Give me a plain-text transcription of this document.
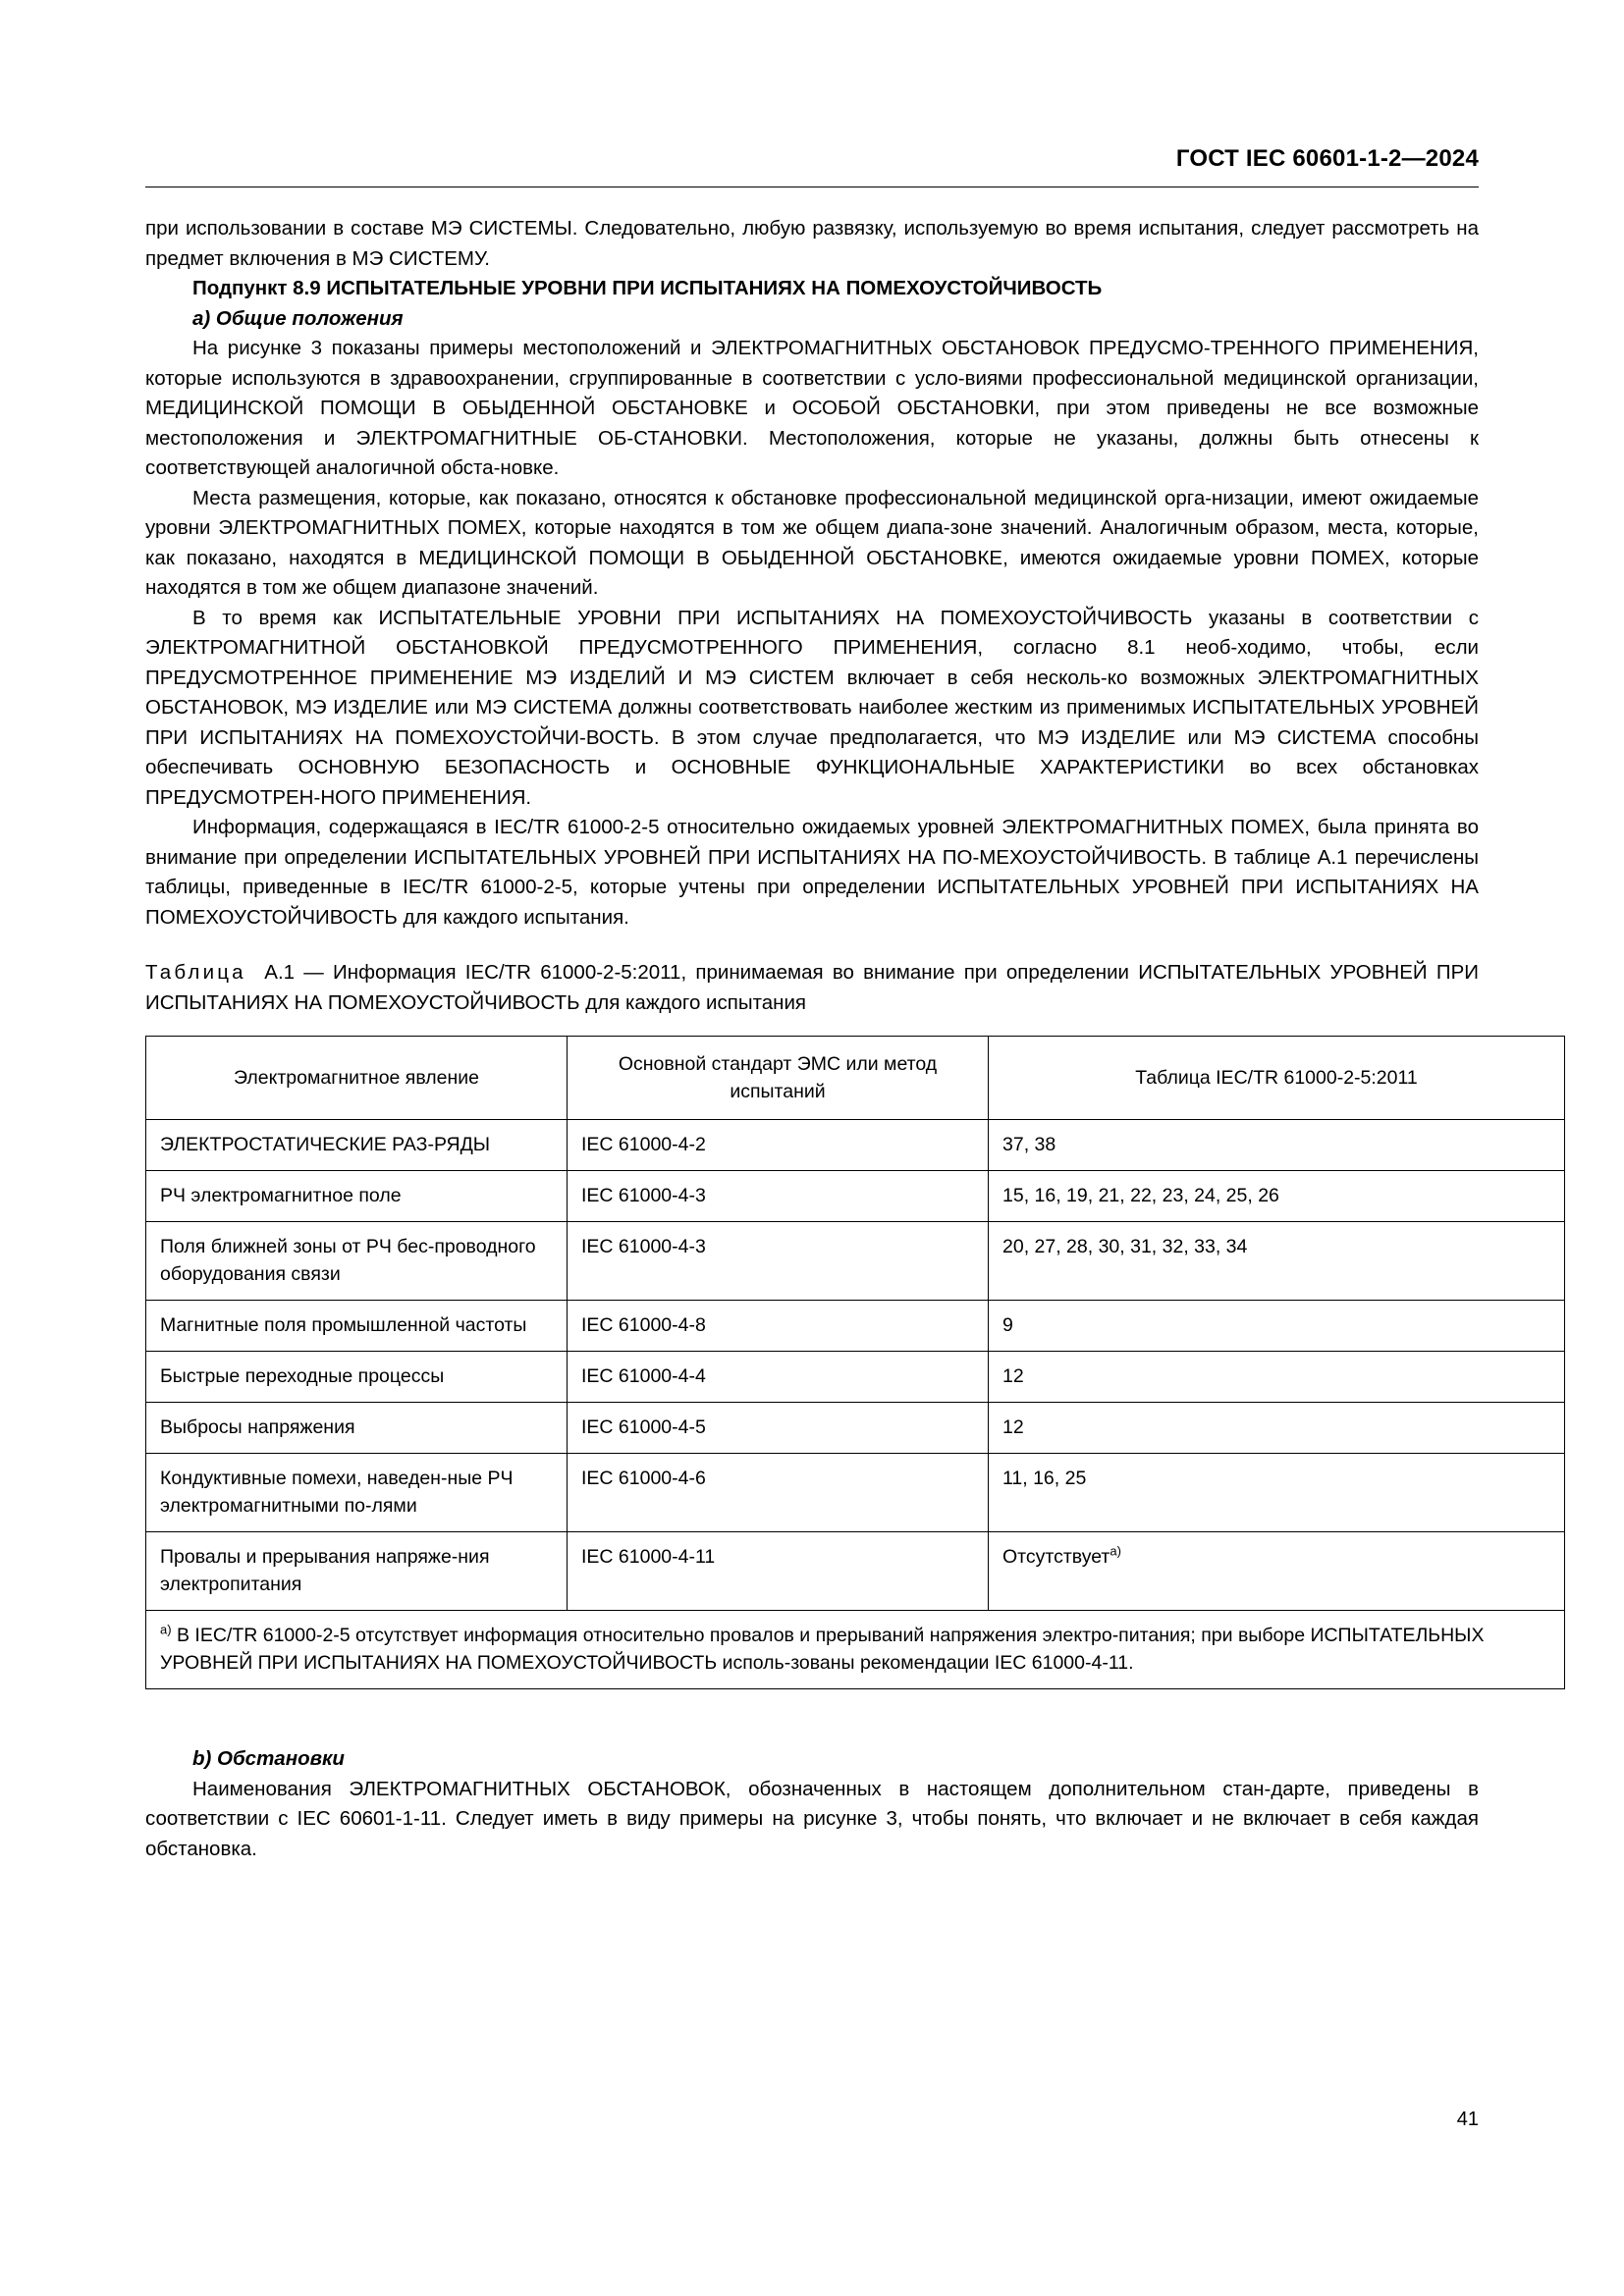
ГОСТ IEC 60601-1-2—2024

при использовании в составе МЭ СИСТЕМЫ. Следовательно, любую развязку, используемую во время испытания, следует рассмотреть на предмет включения в МЭ СИСТЕМУ.

Подпункт 8.9 ИСПЫТАТЕЛЬНЫЕ УРОВНИ ПРИ ИСПЫТАНИЯХ НА ПОМЕХОУСТОЙЧИВОСТЬ

a) Общие положения

На рисунке 3 показаны примеры местоположений и ЭЛЕКТРОМАГНИТНЫХ ОБСТАНОВОК ПРЕДУСМО-ТРЕННОГО ПРИМЕНЕНИЯ, которые используются в здравоохранении, сгруппированные в соответствии с усло-виями профессиональной медицинской организации, МЕДИЦИНСКОЙ ПОМОЩИ В ОБЫДЕННОЙ ОБСТАНОВКЕ и ОСОБОЙ ОБСТАНОВКИ, при этом приведены не все возможные местоположения и ЭЛЕКТРОМАГНИТНЫЕ ОБ-СТАНОВКИ. Местоположения, которые не указаны, должны быть отнесены к соответствующей аналогичной обста-новке.

Места размещения, которые, как показано, относятся к обстановке профессиональной медицинской орга-низации, имеют ожидаемые уровни ЭЛЕКТРОМАГНИТНЫХ ПОМЕХ, которые находятся в том же общем диапа-зоне значений. Аналогичным образом, места, которые, как показано, находятся в МЕДИЦИНСКОЙ ПОМОЩИ В ОБЫДЕННОЙ ОБСТАНОВКЕ, имеются ожидаемые уровни ПОМЕХ, которые находятся в том же общем диапазоне значений.

В то время как ИСПЫТАТЕЛЬНЫЕ УРОВНИ ПРИ ИСПЫТАНИЯХ НА ПОМЕХОУСТОЙЧИВОСТЬ указаны в соответствии с ЭЛЕКТРОМАГНИТНОЙ ОБСТАНОВКОЙ ПРЕДУСМОТРЕННОГО ПРИМЕНЕНИЯ, согласно 8.1 необ-ходимо, чтобы, если ПРЕДУСМОТРЕННОЕ ПРИМЕНЕНИЕ МЭ ИЗДЕЛИЙ И МЭ СИСТЕМ включает в себя несколь-ко возможных ЭЛЕКТРОМАГНИТНЫХ ОБСТАНОВОК, МЭ ИЗДЕЛИЕ или МЭ СИСТЕМА должны соответствовать наиболее жестким из применимых ИСПЫТАТЕЛЬНЫХ УРОВНЕЙ ПРИ ИСПЫТАНИЯХ НА ПОМЕХОУСТОЙЧИ-ВОСТЬ. В этом случае предполагается, что МЭ ИЗДЕЛИЕ или МЭ СИСТЕМА способны обеспечивать ОСНОВНУЮ БЕЗОПАСНОСТЬ и ОСНОВНЫЕ ФУНКЦИОНАЛЬНЫЕ ХАРАКТЕРИСТИКИ во всех обстановках ПРЕДУСМОТРЕН-НОГО ПРИМЕНЕНИЯ.

Информация, содержащаяся в IEC/TR 61000-2-5 относительно ожидаемых уровней ЭЛЕКТРОМАГНИТНЫХ ПОМЕХ, была принята во внимание при определении ИСПЫТАТЕЛЬНЫХ УРОВНЕЙ ПРИ ИСПЫТАНИЯХ НА ПО-МЕХОУСТОЙЧИВОСТЬ. В таблице А.1 перечислены таблицы, приведенные в IEC/TR 61000-2-5, которые учтены при определении ИСПЫТАТЕЛЬНЫХ УРОВНЕЙ ПРИ ИСПЫТАНИЯХ НА ПОМЕХОУСТОЙЧИВОСТЬ для каждого испытания.

Таблица А.1 — Информация IEC/TR 61000-2-5:2011, принимаемая во внимание при определении ИСПЫТАТЕЛЬНЫХ УРОВНЕЙ ПРИ ИСПЫТАНИЯХ НА ПОМЕХОУСТОЙЧИВОСТЬ для каждого испытания

Электромагнитное явление	Основной стандарт ЭМС или метод испытаний	Таблица IEC/TR 61000-2-5:2011
ЭЛЕКТРОСТАТИЧЕСКИЕ РАЗ-РЯДЫ	IEC 61000-4-2	37, 38
РЧ электромагнитное поле	IEC 61000-4-3	15, 16, 19, 21, 22, 23, 24, 25, 26
Поля ближней зоны от РЧ бес-проводного оборудования связи	IEC 61000-4-3	20, 27, 28, 30, 31, 32, 33, 34
Магнитные поля промышленной частоты	IEC 61000-4-8	9
Быстрые переходные процессы	IEC 61000-4-4	12
Выбросы напряжения	IEC 61000-4-5	12
Кондуктивные помехи, наведен-ные РЧ электромагнитными по-лями	IEC 61000-4-6	11, 16, 25
Провалы и прерывания напряже-ния электропитания	IEC 61000-4-11	Отсутствует$^{a)}$
$^{a)}$ В IEC/TR 61000-2-5 отсутствует информация относительно провалов и прерываний напряжения электро-питания; при выборе ИСПЫТАТЕЛЬНЫХ УРОВНЕЙ ПРИ ИСПЫТАНИЯХ НА ПОМЕХОУСТОЙЧИВОСТЬ исполь-зованы рекомендации IEC 61000-4-11.		

b) Обстановки

Наименования ЭЛЕКТРОМАГНИТНЫХ ОБСТАНОВОК, обозначенных в настоящем дополнительном стан-дарте, приведены в соответствии с IEC 60601-1-11. Следует иметь в виду примеры на рисунке 3, чтобы понять, что включает и не включает в себя каждая обстановка.

41
